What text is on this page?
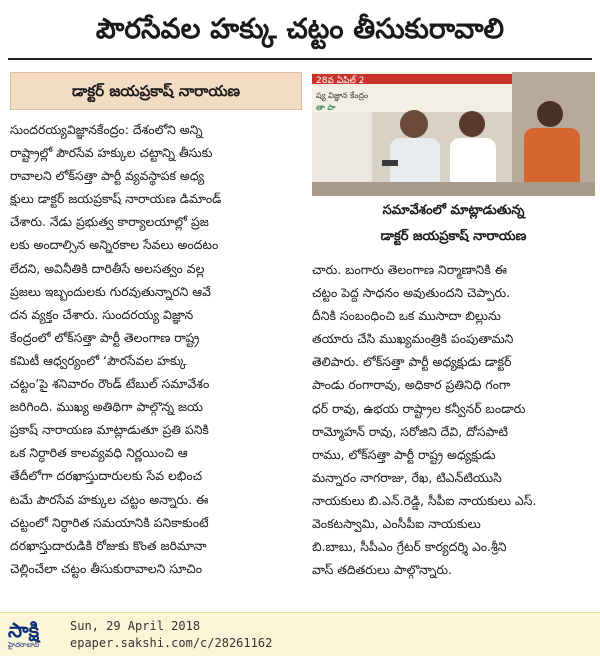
పౌరసేవల హక్కు చట్టం తీసుకురావాలి
డాక్టర్ జయప్రకాష్ నారాయణ
సుందరయ్యవిజ్ఞానకేంద్రం: దేశంలోని అన్ని
రాష్ట్రాల్లో పౌరసేవ హక్కుల చట్టాన్ని తీసుకు
రావాలని లోక్‌సత్తా పార్టీ వ్యవస్థాపక అధ్య
క్షులు డాక్టర్ జయప్రకాష్ నారాయణ డిమాండ్
చేశారు. నేడు ప్రభుత్వ కార్యాలయాల్లో ప్రజ
లకు అందాల్సిన అన్నిరకాల సేవలు అందటం
లేదని, అవినీతికి దారితీసే అలసత్వం వల్ల
ప్రజలు ఇబ్బందులకు గురవుతున్నారని ఆవే
దన వ్యక్తం చేశారు. సుందరయ్య విజ్ఞాన
కేంద్రంలో లోక్‌సత్తా పార్టీ తెలంగాణ రాష్ట్ర
కమిటీ ఆధ్వర్యంలో ‘పౌరసేవల హక్కు
చట్టం’పై శనివారం రౌండ్ టేబుల్ సమావేశం
జరిగింది. ముఖ్య అతిథిగా పాల్గొన్న జయ
ప్రకాష్ నారాయణ మాట్లాడుతూ ప్రతి పనికి
ఒక నిర్ధారిత కాలవ్యవధి నిర్ణయించి ఆ
తేదీలోగా దరఖాస్తుదారులకు సేవ లభించ
టమే పౌరసేవ హక్కుల చట్టం అన్నారు. ఈ
చట్టంలో నిర్ధారిత సమయానికి పనికాకుంటే
దరఖాస్తుదారుడికి రోజుకు కొంత జరిమానా
చెల్లించేలా చట్టం తీసుకురావాలని సూచిం
28వ ఏప్రిల్ 2
ష్య విజ్ఞాన కేంద్రం
తా పా
సమావేశంలో మాట్లాడుతున్న
డాక్టర్ జయప్రకాష్ నారాయణ
చారు. బంగారు తెలంగాణ నిర్మాణానికి ఈ
చట్టం పెద్ద సాధనం అవుతుందని చెప్పారు.
దీనికి సంబంధించి ఒక ముసాదా బిల్లును
తయారు చేసి ముఖ్యమంత్రికి పంపుతామని
తెలిపారు. లోక్‌సత్తా పార్టీ అధ్యక్షుడు డాక్టర్
పాండు రంగారావు, అధికార ప్రతినిధి గంగా
ధర్ రావు, ఉభయ రాష్ట్రాల కన్వీనర్ బండారు
రామ్మోహన్ రావు, సరోజిని దేవి, దోసపాటి
రాము, లోక్‌సత్తా పార్టీ రాష్ట్ర అధ్యక్షుడు
మన్నారం నాగరాజు, రేఖ, టిఎన్‌టియుసి
నాయకులు బి.ఎన్.రెడ్డి, సీపీఐ నాయకులు ఎస్.
వెంకటస్వామి, ఎంసీపీఐ నాయకులు
బి.బాబు, సీపీఎం గ్రేటర్ కార్యదర్శి ఎం.శ్రీని
వాస్ తదితరులు పాల్గొన్నారు.
సాక్షి
హైదరాబాద్
Sun, 29 April 2018
epaper.sakshi.com/c/28261162
